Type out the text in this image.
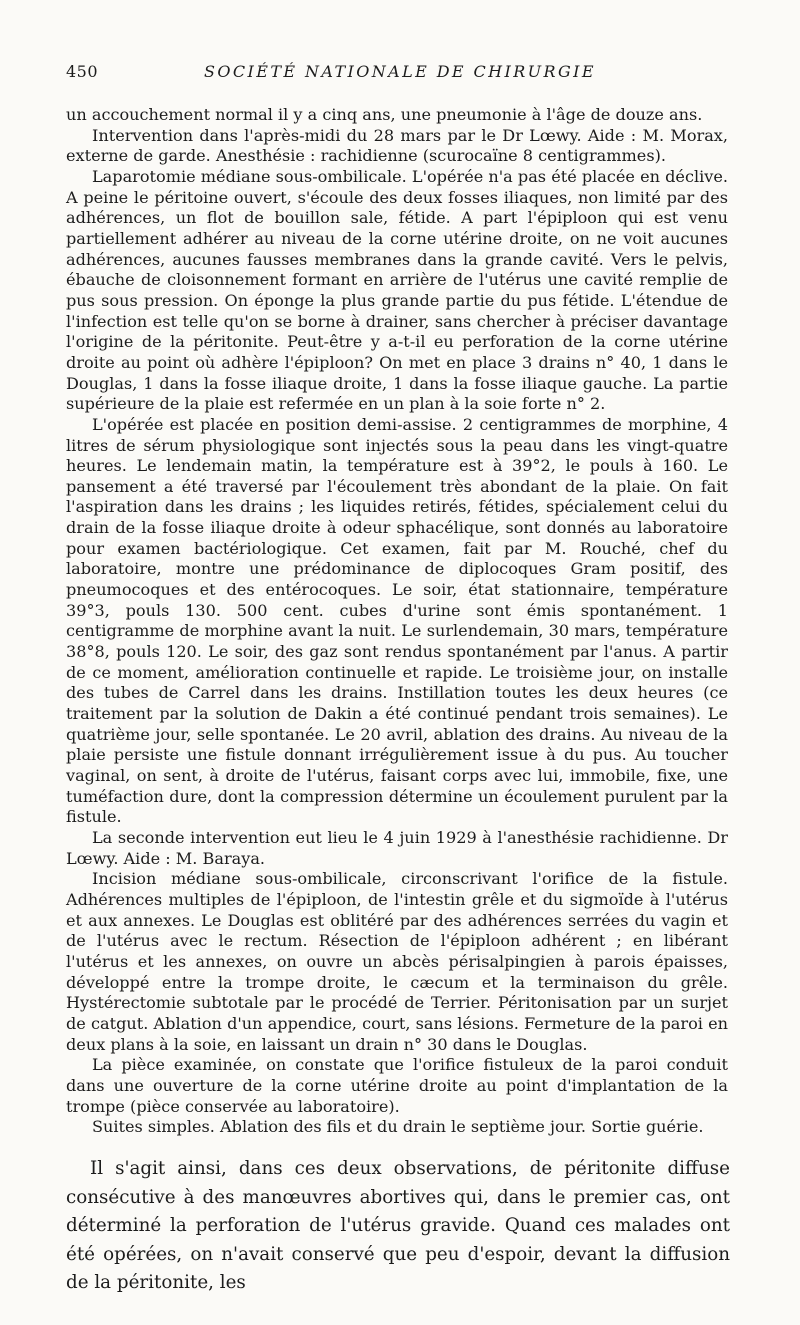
450	SOCIÉTÉ NATIONALE DE CHIRURGIE

un accouchement normal il y a cinq ans, une pneumonie à l'âge de douze ans.

Intervention dans l'après-midi du 28 mars par le Dr Lœwy. Aide : M. Morax, externe de garde. Anesthésie : rachidienne (scurocaïne 8 centigrammes).

Laparotomie médiane sous-ombilicale. L'opérée n'a pas été placée en déclive. A peine le péritoine ouvert, s'écoule des deux fosses iliaques, non limité par des adhérences, un flot de bouillon sale, fétide. A part l'épiploon qui est venu partiellement adhérer au niveau de la corne utérine droite, on ne voit aucunes adhérences, aucunes fausses membranes dans la grande cavité. Vers le pelvis, ébauche de cloisonnement formant en arrière de l'utérus une cavité remplie de pus sous pression. On éponge la plus grande partie du pus fétide. L'étendue de l'infection est telle qu'on se borne à drainer, sans chercher à préciser davantage l'origine de la péritonite. Peut-être y a-t-il eu perforation de la corne utérine droite au point où adhère l'épiploon? On met en place 3 drains n° 40, 1 dans le Douglas, 1 dans la fosse iliaque droite, 1 dans la fosse iliaque gauche. La partie supérieure de la plaie est refermée en un plan à la soie forte n° 2.

L'opérée est placée en position demi-assise. 2 centigrammes de morphine, 4 litres de sérum physiologique sont injectés sous la peau dans les vingt-quatre heures. Le lendemain matin, la température est à 39°2, le pouls à 160. Le pansement a été traversé par l'écoulement très abondant de la plaie. On fait l'aspiration dans les drains ; les liquides retirés, fétides, spécialement celui du drain de la fosse iliaque droite à odeur sphacélique, sont donnés au laboratoire pour examen bactériologique. Cet examen, fait par M. Rouché, chef du laboratoire, montre une prédominance de diplocoques Gram positif, des pneumocoques et des entérocoques. Le soir, état stationnaire, température 39°3, pouls 130. 500 cent. cubes d'urine sont émis spontanément. 1 centigramme de morphine avant la nuit. Le surlendemain, 30 mars, température 38°8, pouls 120. Le soir, des gaz sont rendus spontanément par l'anus. A partir de ce moment, amélioration continuelle et rapide. Le troisième jour, on installe des tubes de Carrel dans les drains. Instillation toutes les deux heures (ce traitement par la solution de Dakin a été continué pendant trois semaines). Le quatrième jour, selle spontanée. Le 20 avril, ablation des drains. Au niveau de la plaie persiste une fistule donnant irrégulièrement issue à du pus. Au toucher vaginal, on sent, à droite de l'utérus, faisant corps avec lui, immobile, fixe, une tuméfaction dure, dont la compression détermine un écoulement purulent par la fistule.

La seconde intervention eut lieu le 4 juin 1929 à l'anesthésie rachidienne. Dr Lœwy. Aide : M. Baraya.

Incision médiane sous-ombilicale, circonscrivant l'orifice de la fistule. Adhérences multiples de l'épiploon, de l'intestin grêle et du sigmoïde à l'utérus et aux annexes. Le Douglas est oblitéré par des adhérences serrées du vagin et de l'utérus avec le rectum. Résection de l'épiploon adhérent ; en libérant l'utérus et les annexes, on ouvre un abcès périsalpingien à parois épaisses, développé entre la trompe droite, le cæcum et la terminaison du grêle. Hystérectomie subtotale par le procédé de Terrier. Péritonisation par un surjet de catgut. Ablation d'un appendice, court, sans lésions. Fermeture de la paroi en deux plans à la soie, en laissant un drain n° 30 dans le Douglas.

La pièce examinée, on constate que l'orifice fistuleux de la paroi conduit dans une ouverture de la corne utérine droite au point d'implantation de la trompe (pièce conservée au laboratoire).

Suites simples. Ablation des fils et du drain le septième jour. Sortie guérie.

Il s'agit ainsi, dans ces deux observations, de péritonite diffuse consécutive à des manœuvres abortives qui, dans le premier cas, ont déterminé la perforation de l'utérus gravide. Quand ces malades ont été opérées, on n'avait conservé que peu d'espoir, devant la diffusion de la péritonite, les
